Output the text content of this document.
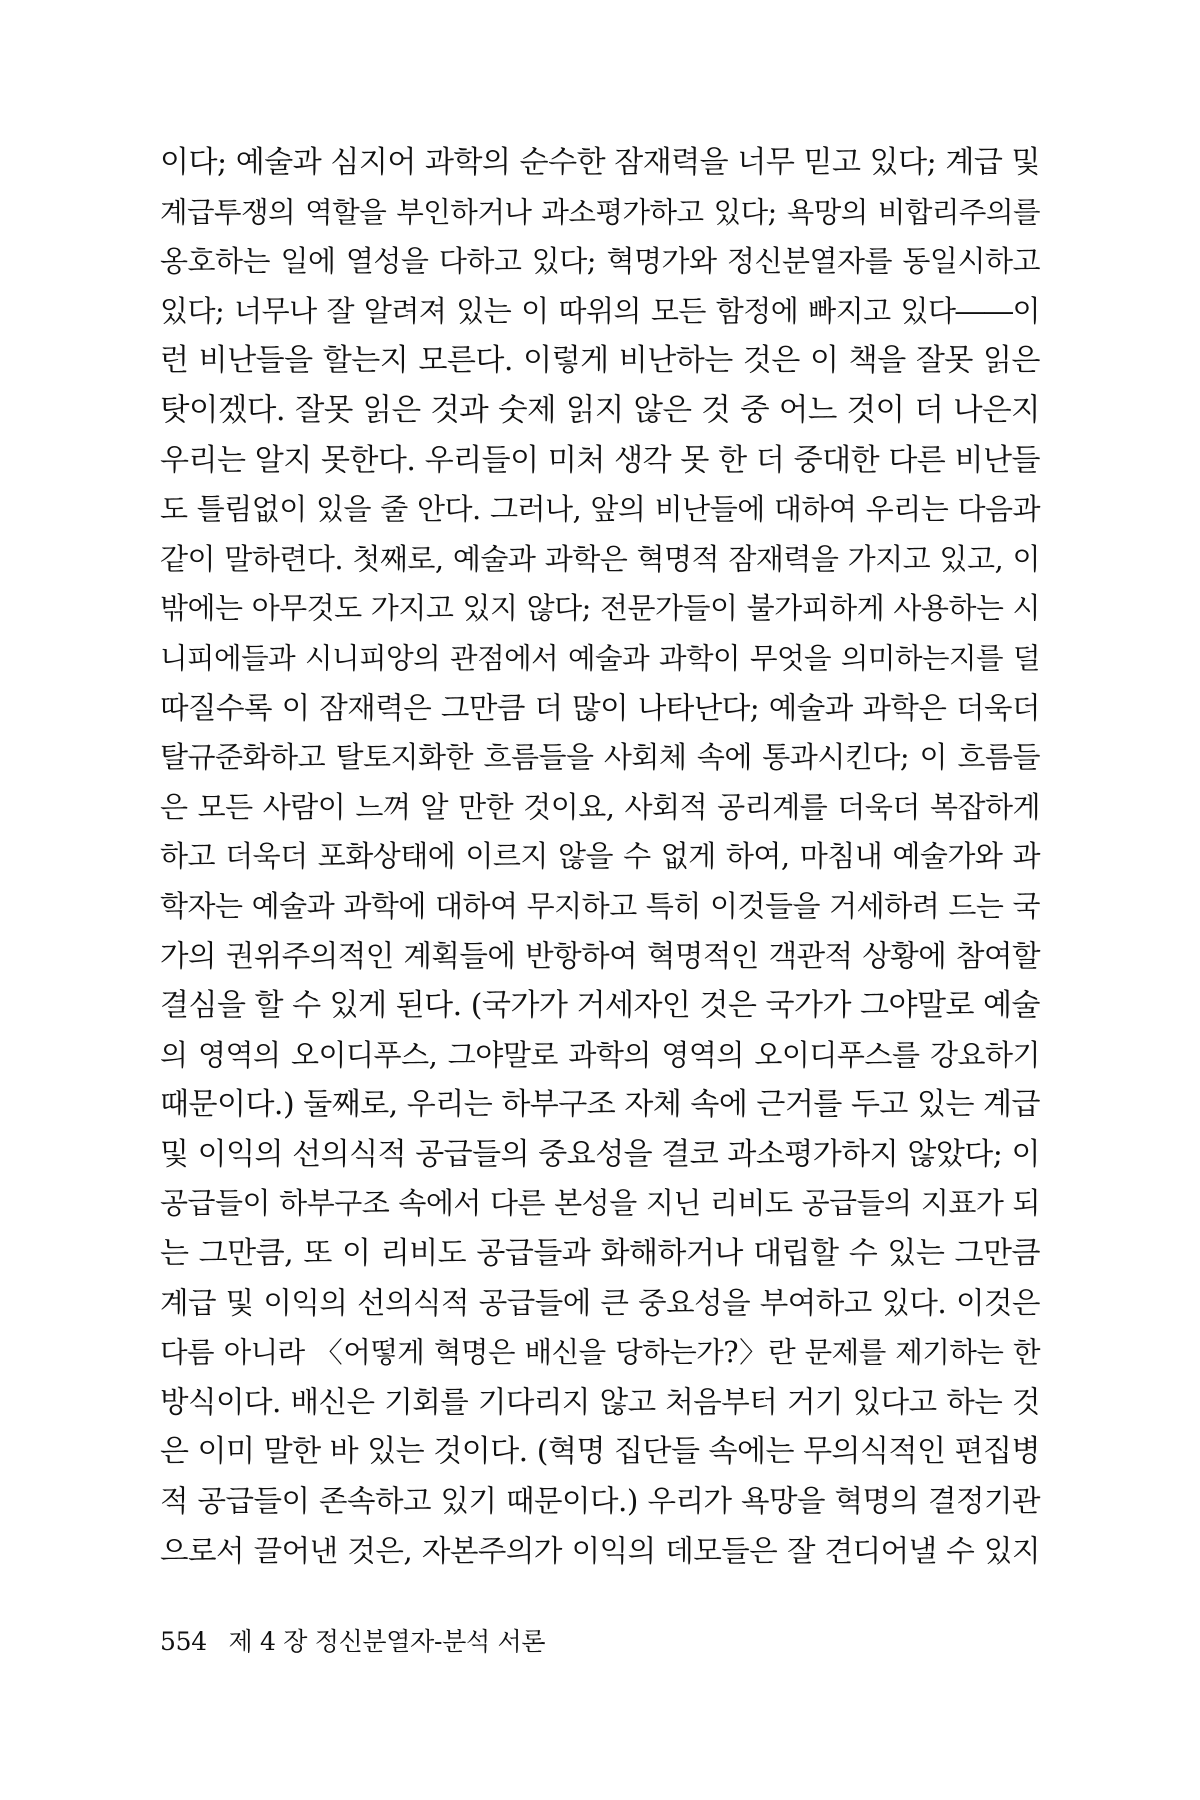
이다; 예술과 심지어 과학의 순수한 잠재력을 너무 믿고 있다; 계급 및
계급투쟁의 역할을 부인하거나 과소평가하고 있다; 욕망의 비합리주의를
옹호하는 일에 열성을 다하고 있다; 혁명가와 정신분열자를 동일시하고
있다; 너무나 잘 알려져 있는 이 따위의 모든 함정에 빠지고 있다――이
런 비난들을 할는지 모른다. 이렇게 비난하는 것은 이 책을 잘못 읽은
탓이겠다. 잘못 읽은 것과 숫제 읽지 않은 것 중 어느 것이 더 나은지
우리는 알지 못한다. 우리들이 미처 생각 못 한 더 중대한 다른 비난들
도 틀림없이 있을 줄 안다. 그러나, 앞의 비난들에 대하여 우리는 다음과
같이 말하련다. 첫째로, 예술과 과학은 혁명적 잠재력을 가지고 있고, 이
밖에는 아무것도 가지고 있지 않다; 전문가들이 불가피하게 사용하는 시
니피에들과 시니피앙의 관점에서 예술과 과학이 무엇을 의미하는지를 덜
따질수록 이 잠재력은 그만큼 더 많이 나타난다; 예술과 과학은 더욱더
탈규준화하고 탈토지화한 흐름들을 사회체 속에 통과시킨다; 이 흐름들
은 모든 사람이 느껴 알 만한 것이요, 사회적 공리계를 더욱더 복잡하게
하고 더욱더 포화상태에 이르지 않을 수 없게 하여, 마침내 예술가와 과
학자는 예술과 과학에 대하여 무지하고 특히 이것들을 거세하려 드는 국
가의 권위주의적인 계획들에 반항하여 혁명적인 객관적 상황에 참여할
결심을 할 수 있게 된다. (국가가 거세자인 것은 국가가 그야말로 예술
의 영역의 오이디푸스, 그야말로 과학의 영역의 오이디푸스를 강요하기
때문이다.) 둘째로, 우리는 하부구조 자체 속에 근거를 두고 있는 계급
및 이익의 선의식적 공급들의 중요성을 결코 과소평가하지 않았다; 이
공급들이 하부구조 속에서 다른 본성을 지닌 리비도 공급들의 지표가 되
는 그만큼, 또 이 리비도 공급들과 화해하거나 대립할 수 있는 그만큼
계급 및 이익의 선의식적 공급들에 큰 중요성을 부여하고 있다. 이것은
다름 아니라 〈어떻게 혁명은 배신을 당하는가?〉란 문제를 제기하는 한
방식이다. 배신은 기회를 기다리지 않고 처음부터 거기 있다고 하는 것
은 이미 말한 바 있는 것이다. (혁명 집단들 속에는 무의식적인 편집병
적 공급들이 존속하고 있기 때문이다.) 우리가 욕망을 혁명의 결정기관
으로서 끌어낸 것은, 자본주의가 이익의 데모들은 잘 견디어낼 수 있지
554 제 4 장 정신분열자-분석 서론
